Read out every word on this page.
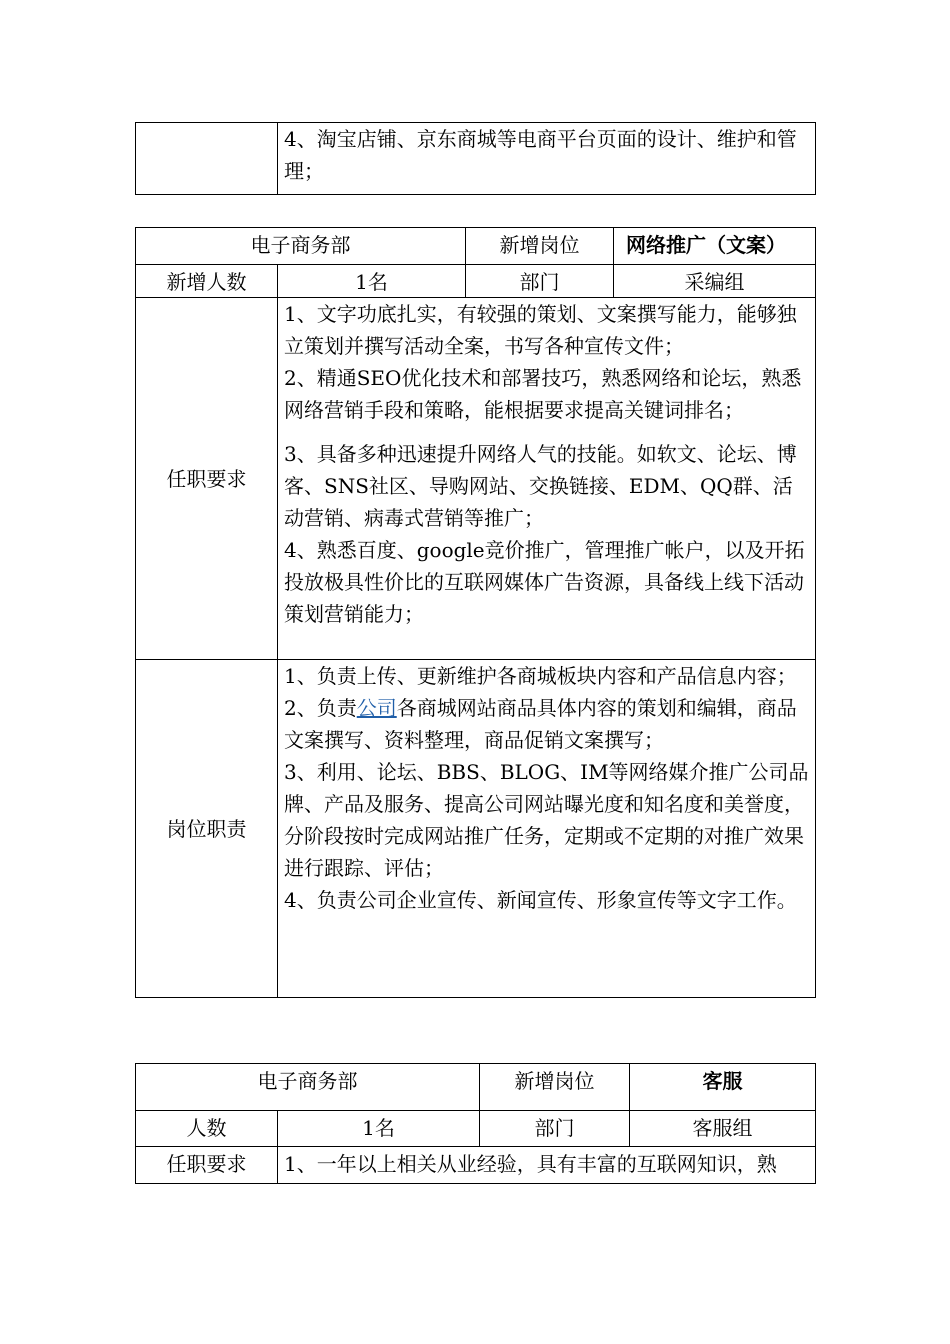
	4、淘宝店铺、京东商城等电商平台页面的设计、维护和管理；
电子商务部		新增岗位	网络推广（文案）
新增人数	1名	部门	采编组
任职要求	1、文字功底扎实，有较强的策划、文案撰写能力，能够独立策划并撰写活动全案，书写各种宣传文件；
2、精通SEO优化技术和部署技巧，熟悉网络和论坛，熟悉网络营销手段和策略，能根据要求提高关键词排名；
3、具备多种迅速提升网络人气的技能。如软文、论坛、博客、SNS社区、导购网站、交换链接、EDM、QQ群、活动营销、病毒式营销等推广；
4、熟悉百度、google竞价推广，管理推广帐户，以及开拓投放极具性价比的互联网媒体广告资源，具备线上线下活动策划营销能力；		

岗位职责	1、负责上传、更新维护各商城板块内容和产品信息内容；
2、负责公司各商城网站商品具体内容的策划和编辑，商品文案撰写、资料整理，商品促销文案撰写；
3、利用、论坛、BBS、BLOG、IM等网络媒介推广公司品牌、产品及服务、提高公司网站曝光度和知名度和美誉度，分阶段按时完成网站推广任务，定期或不定期的对推广效果进行跟踪、评估；
4、负责公司企业宣传、新闻宣传、形象宣传等文字工作。		
电子商务部		新增岗位	客服
人数	1名	部门	客服组
任职要求	1、一年以上相关从业经验，具有丰富的互联网知识，熟		
